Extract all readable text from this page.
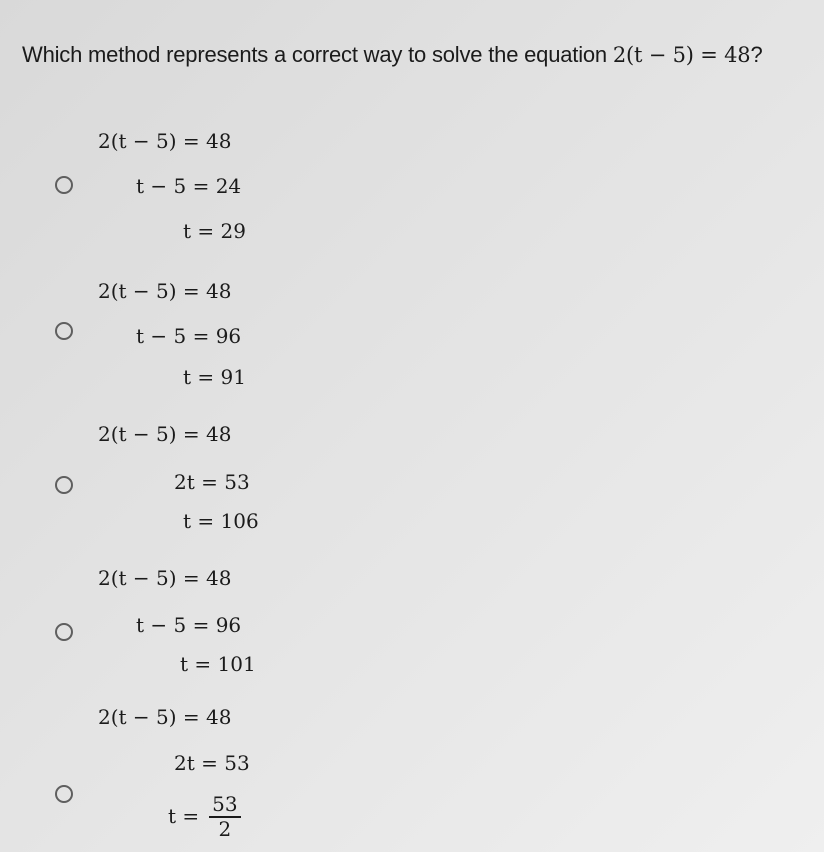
Which method represents a correct way to solve the equation 2(t − 5) = 48?
2(t − 5) = 48
t − 5 = 24
t = 29
2(t − 5) = 48
t − 5 = 96
t = 91
2(t − 5) = 48
2t = 53
t = 106
2(t − 5) = 48
t − 5 = 96
t = 101
2(t − 5) = 48
2t = 53
$t = \frac{53}{2}$
